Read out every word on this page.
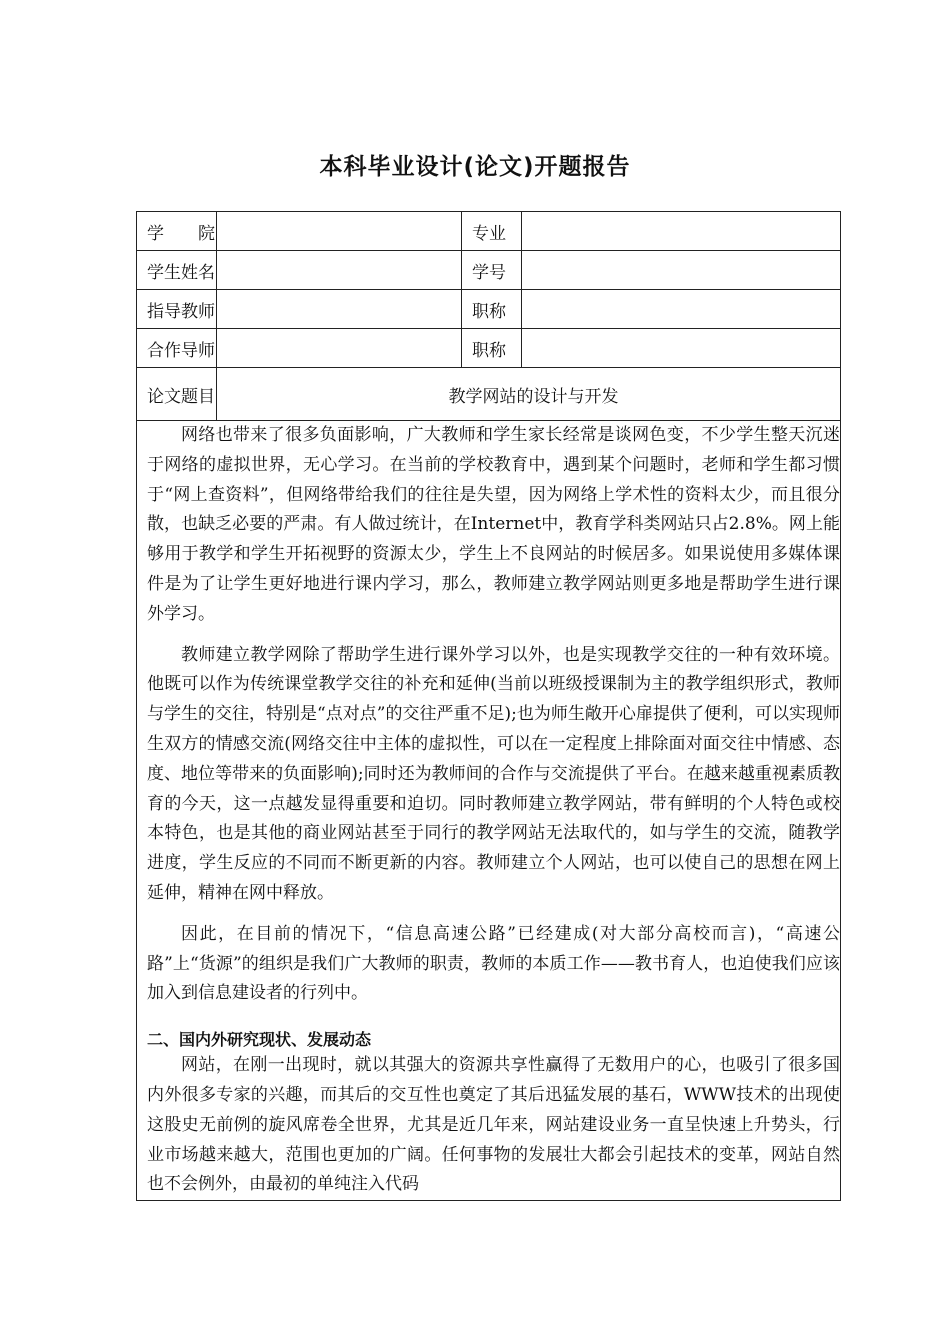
本科毕业设计(论文)开题报告
学　　院		专业	
学生姓名		学号	
指导教师		职称	
合作导师		职称	
论文题目	教学网站的设计与开发		

网络也带来了很多负面影响，广大教师和学生家长经常是谈网色变，不少学生整天沉迷于网络的虚拟世界，无心学习。在当前的学校教育中，遇到某个问题时，老师和学生都习惯于“网上查资料”，但网络带给我们的往往是失望，因为网络上学术性的资料太少，而且很分散，也缺乏必要的严肃。有人做过统计，在Internet中，教育学科类网站只占2.8%。网上能够用于教学和学生开拓视野的资源太少，学生上不良网站的时候居多。如果说使用多媒体课件是为了让学生更好地进行课内学习，那么，教师建立教学网站则更多地是帮助学生进行课外学习。

教师建立教学网除了帮助学生进行课外学习以外，也是实现教学交往的一种有效环境。他既可以作为传统课堂教学交往的补充和延伸(当前以班级授课制为主的教学组织形式，教师与学生的交往，特别是“点对点”的交往严重不足);也为师生敞开心扉提供了便利，可以实现师生双方的情感交流(网络交往中主体的虚拟性，可以在一定程度上排除面对面交往中情感、态度、地位等带来的负面影响);同时还为教师间的合作与交流提供了平台。在越来越重视素质教育的今天，这一点越发显得重要和迫切。同时教师建立教学网站，带有鲜明的个人特色或校本特色，也是其他的商业网站甚至于同行的教学网站无法取代的，如与学生的交流，随教学进度，学生反应的不同而不断更新的内容。教师建立个人网站，也可以使自己的思想在网上延伸，精神在网中释放。

因此，在目前的情况下，“信息高速公路”已经建成(对大部分高校而言)，“高速公路”上“货源”的组织是我们广大教师的职责，教师的本质工作——教书育人，也迫使我们应该加入到信息建设者的行列中。

二、国内外研究现状、发展动态

网站，在刚一出现时，就以其强大的资源共享性赢得了无数用户的心，也吸引了很多国内外很多专家的兴趣，而其后的交互性也奠定了其后迅猛发展的基石，WWW技术的出现使这股史无前例的旋风席卷全世界，尤其是近几年来，网站建设业务一直呈快速上升势头，行业市场越来越大，范围也更加的广阔。任何事物的发展壮大都会引起技术的变革，网站自然也不会例外，由最初的单纯注入代码			
